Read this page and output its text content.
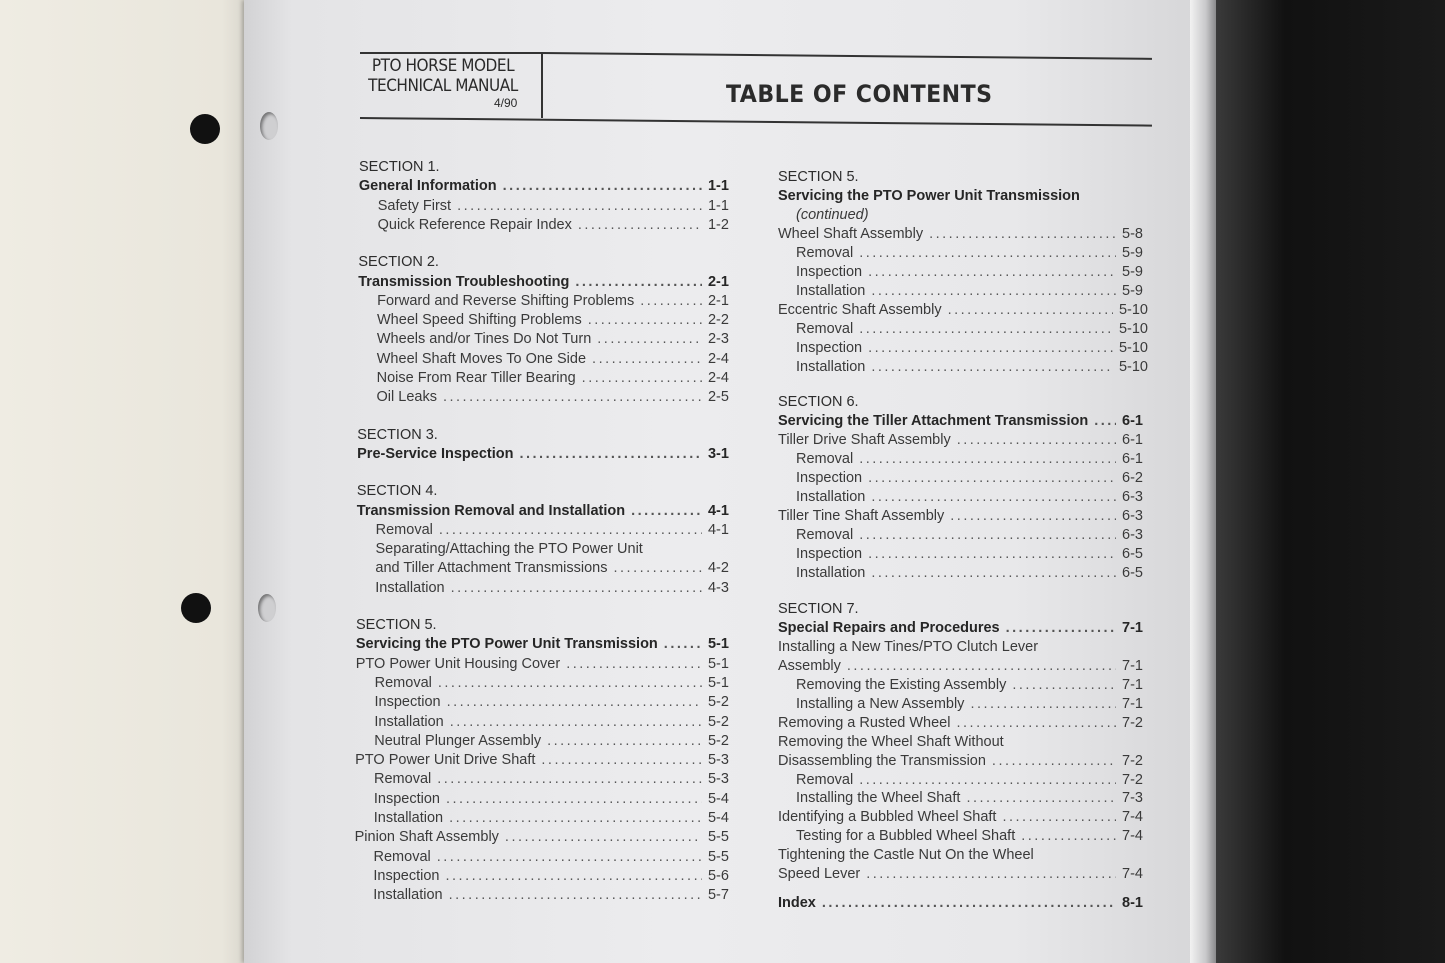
PTO HORSE MODEL
TECHNICAL MANUAL
4/90	TABLE OF CONTENTS
SECTION 1.
General Information .....	1-1
Safety First .....	1-1
Quick Reference Repair Index .....	1-2
SECTION 2.
Transmission Troubleshooting .....	2-1
Forward and Reverse Shifting Problems .....	2-1
Wheel Speed Shifting Problems .....	2-2
Wheels and/or Tines Do Not Turn .....	2-3
Wheel Shaft Moves To One Side .....	2-4
Noise From Rear Tiller Bearing .....	2-4
Oil Leaks .....	2-5
SECTION 3.
Pre-Service Inspection .....	3-1
SECTION 4.
Transmission Removal and Installation .....	4-1
Removal .....	4-1
Separating/Attaching the PTO Power Unit
and Tiller Attachment Transmissions .....	4-2
Installation .....	4-3
SECTION 5.
Servicing the PTO Power Unit Transmission .....	5-1
PTO Power Unit Housing Cover .....	5-1
Removal .....	5-1
Inspection .....	5-2
Installation .....	5-2
Neutral Plunger Assembly .....	5-2
PTO Power Unit Drive Shaft .....	5-3
Removal .....	5-3
Inspection .....	5-4
Installation .....	5-4
Pinion Shaft Assembly .....	5-5
Removal .....	5-5
Inspection .....	5-6
Installation .....	5-7
SECTION 5.
Servicing the PTO Power Unit Transmission
(continued)
Wheel Shaft Assembly .....	5-8
Removal .....	5-9
Inspection .....	5-9
Installation .....	5-9
Eccentric Shaft Assembly .....	5-10
Removal .....	5-10
Inspection .....	5-10
Installation .....	5-10
SECTION 6.
Servicing the Tiller Attachment Transmission ..... 6-1
Tiller Drive Shaft Assembly .....	6-1
Removal .....	6-1
Inspection .....	6-2
Installation .....	6-3
Tiller Tine Shaft Assembly .....	6-3
Removal .....	6-3
Inspection .....	6-5
Installation .....	6-5
SECTION 7.
Special Repairs and Procedures .....	7-1
Installing a New Tines/PTO Clutch Lever
Assembly .....	7-1
Removing the Existing Assembly .....	7-1
Installing a New Assembly .....	7-1
Removing a Rusted Wheel .....	7-2
Removing the Wheel Shaft Without
Disassembling the Transmission .....	7-2
Removal .....	7-2
Installing the Wheel Shaft .....	7-3
Identifying a Bubbled Wheel Shaft .....	7-4
Testing for a Bubbled Wheel Shaft .....	7-4
Tightening the Castle Nut On the Wheel
Speed Lever .....	7-4
Index .....	8-1
